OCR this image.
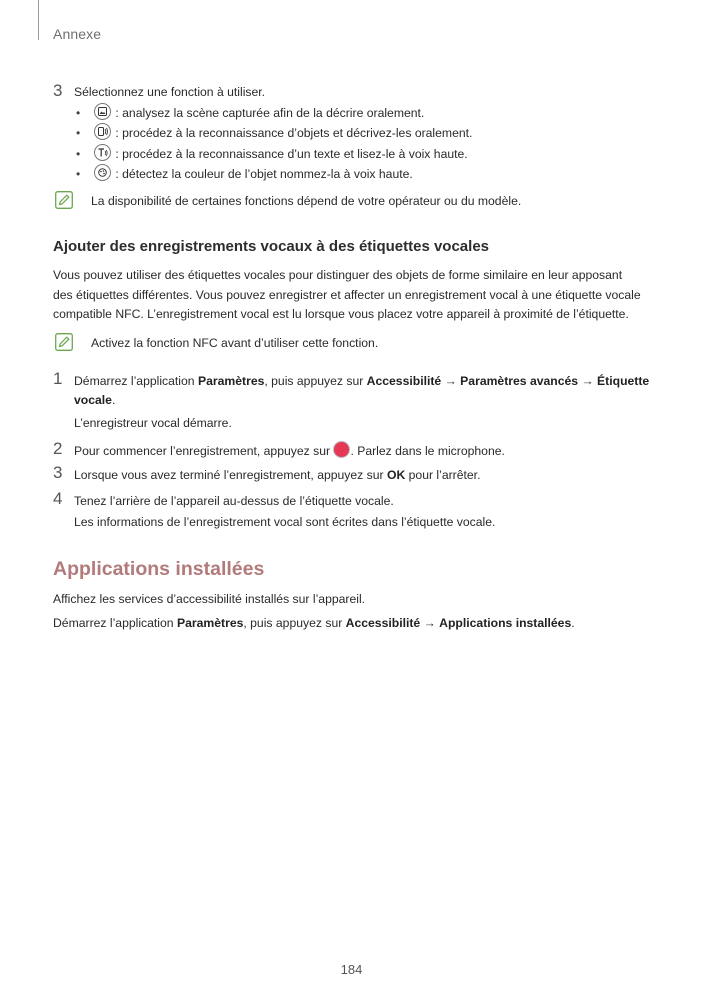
Annexe
3 Sélectionnez une fonction à utiliser.
•	: analysez la scène capturée afin de la décrire oralement.
•	: procédez à la reconnaissance d’objets et décrivez-les oralement.
•	: procédez à la reconnaissance d’un texte et lisez-le à voix haute.
•	: détectez la couleur de l’objet nommez-la à voix haute.
La disponibilité de certaines fonctions dépend de votre opérateur ou du modèle.
Ajouter des enregistrements vocaux à des étiquettes vocales
Vous pouvez utiliser des étiquettes vocales pour distinguer des objets de forme similaire en leur apposant
des étiquettes différentes. Vous pouvez enregistrer et affecter un enregistrement vocal à une étiquette vocale
compatible NFC. L’enregistrement vocal est lu lorsque vous placez votre appareil à proximité de l’étiquette.
Activez la fonction NFC avant d’utiliser cette fonction.
1 Démarrez l’application Paramètres, puis appuyez sur Accessibilité → Paramètres avancés → Étiquette
vocale.
L’enregistreur vocal démarre.
2 Pour commencer l’enregistrement, appuyez sur . Parlez dans le microphone.
3 Lorsque vous avez terminé l’enregistrement, appuyez sur OK pour l’arrêter.
4 Tenez l’arrière de l’appareil au-dessus de l’étiquette vocale.
Les informations de l’enregistrement vocal sont écrites dans l’étiquette vocale.
Applications installées
Affichez les services d’accessibilité installés sur l’appareil.
Démarrez l’application Paramètres, puis appuyez sur Accessibilité → Applications installées.
184
